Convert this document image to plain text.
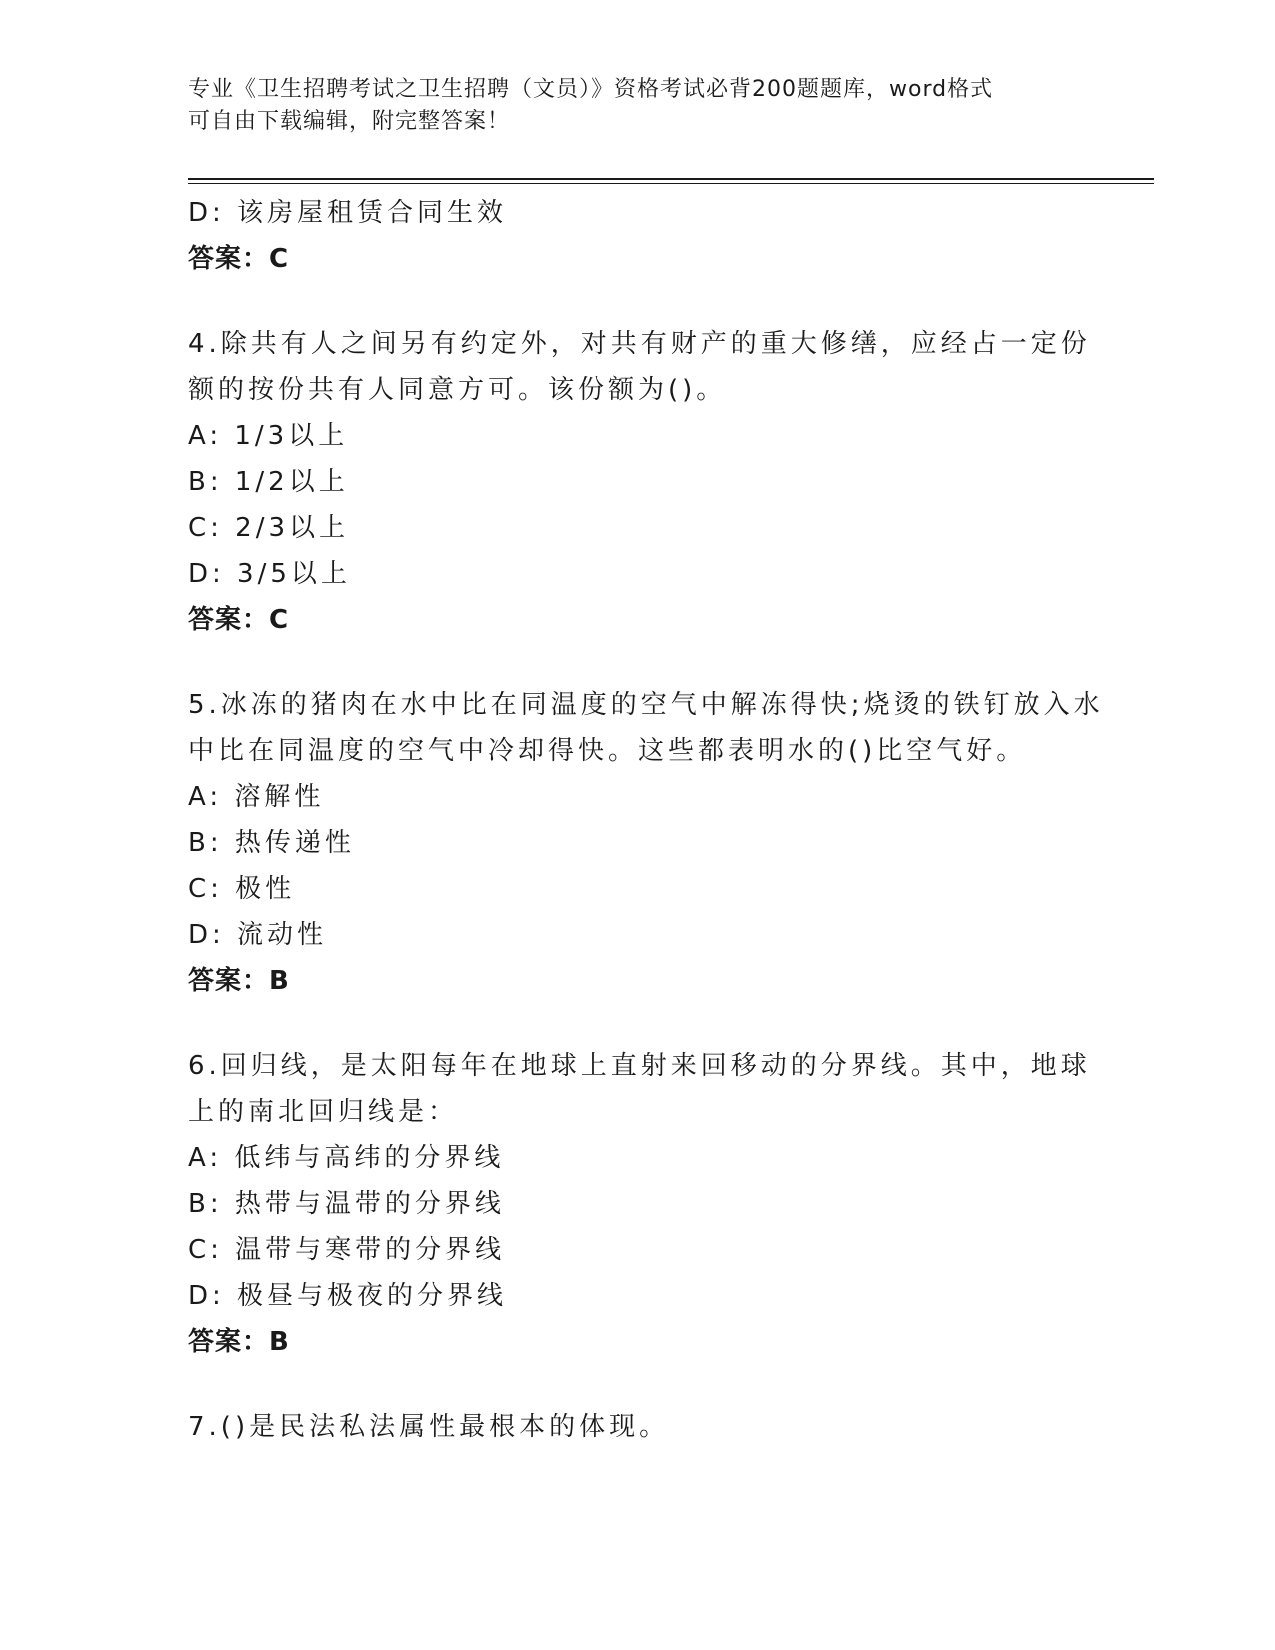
专业《卫生招聘考试之卫生招聘（文员）》资格考试必背200题题库，word格式
可自由下载编辑，附完整答案！
D: 该房屋租赁合同生效
答案：C
4.除共有人之间另有约定外，对共有财产的重大修缮，应经占一定份
额的按份共有人同意方可。该份额为()。
A: 1/3以上
B: 1/2以上
C: 2/3以上
D: 3/5以上
答案：C
5.冰冻的猪肉在水中比在同温度的空气中解冻得快;烧烫的铁钉放入水
中比在同温度的空气中冷却得快。这些都表明水的()比空气好。
A: 溶解性
B: 热传递性
C: 极性
D: 流动性
答案：B
6.回归线，是太阳每年在地球上直射来回移动的分界线。其中，地球
上的南北回归线是：
A: 低纬与高纬的分界线
B: 热带与温带的分界线
C: 温带与寒带的分界线
D: 极昼与极夜的分界线
答案：B
7.()是民法私法属性最根本的体现。
